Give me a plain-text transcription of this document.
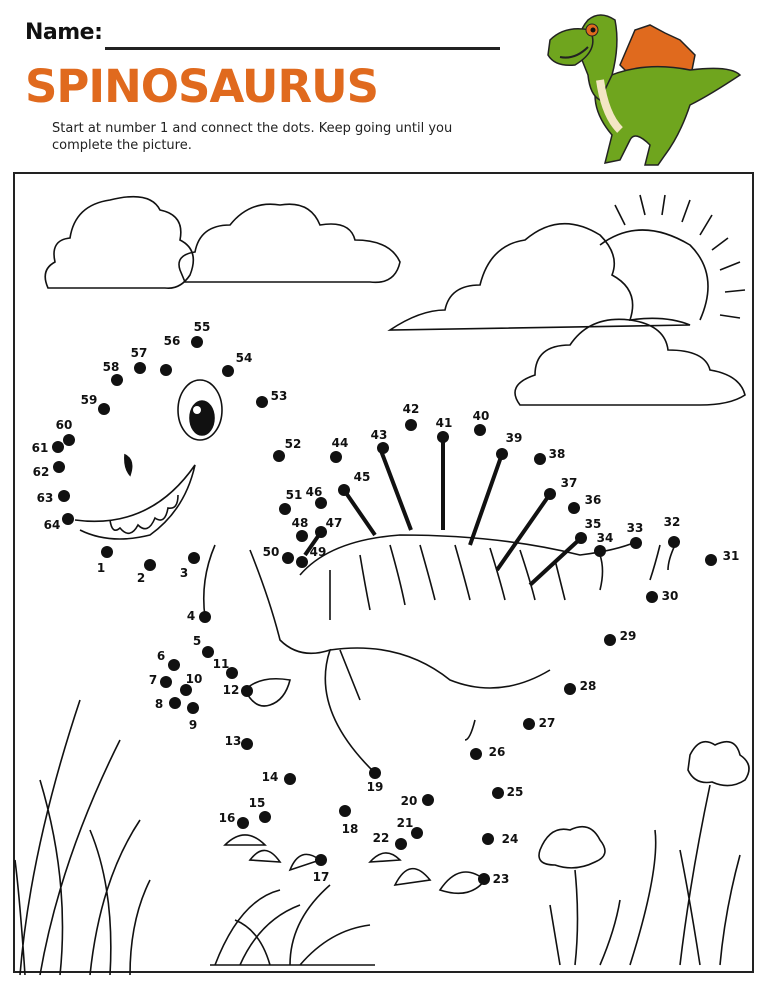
Name:
SPINOSAURUS
Start at number 1 and connect the dots. Keep going until you complete the picture.
1
2	3
4
5
6
7
8
9
10
11
12
13
14
15
16
17
18
19
20
21
22
23
24
25
26
27
28
29
30
31
32
33
34
35
36
37
38
39
40
41
42
43
44
45
46
47
48
49
50
51
52
53
54
55
56
57
58
59
60
61
62
63
64
